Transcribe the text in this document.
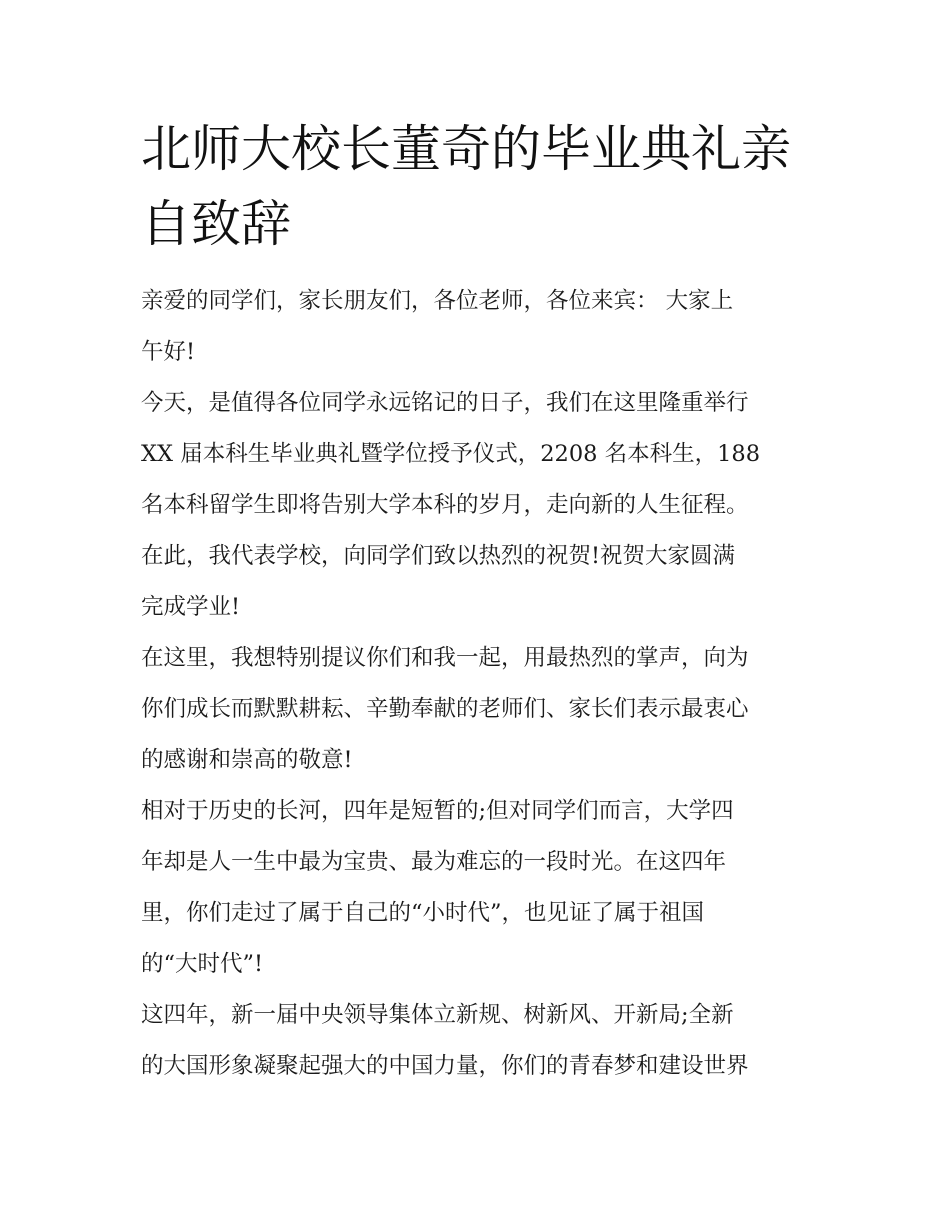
北师大校长董奇的毕业典礼亲
自致辞
亲爱的同学们，家长朋友们，各位老师，各位来宾： 大家上
午好!
今天，是值得各位同学永远铭记的日子，我们在这里隆重举行
XX 届本科生毕业典礼暨学位授予仪式，2208 名本科生，188
名本科留学生即将告别大学本科的岁月，走向新的人生征程。
在此，我代表学校，向同学们致以热烈的祝贺!祝贺大家圆满
完成学业!
在这里，我想特别提议你们和我一起，用最热烈的掌声，向为
你们成长而默默耕耘、辛勤奉献的老师们、家长们表示最衷心
的感谢和崇高的敬意!
相对于历史的长河，四年是短暂的;但对同学们而言，大学四
年却是人一生中最为宝贵、最为难忘的一段时光。在这四年
里，你们走过了属于自己的“小时代”，也见证了属于祖国
的“大时代”!
这四年，新一届中央领导集体立新规、树新风、开新局;全新
的大国形象凝聚起强大的中国力量，你们的青春梦和建设世界
